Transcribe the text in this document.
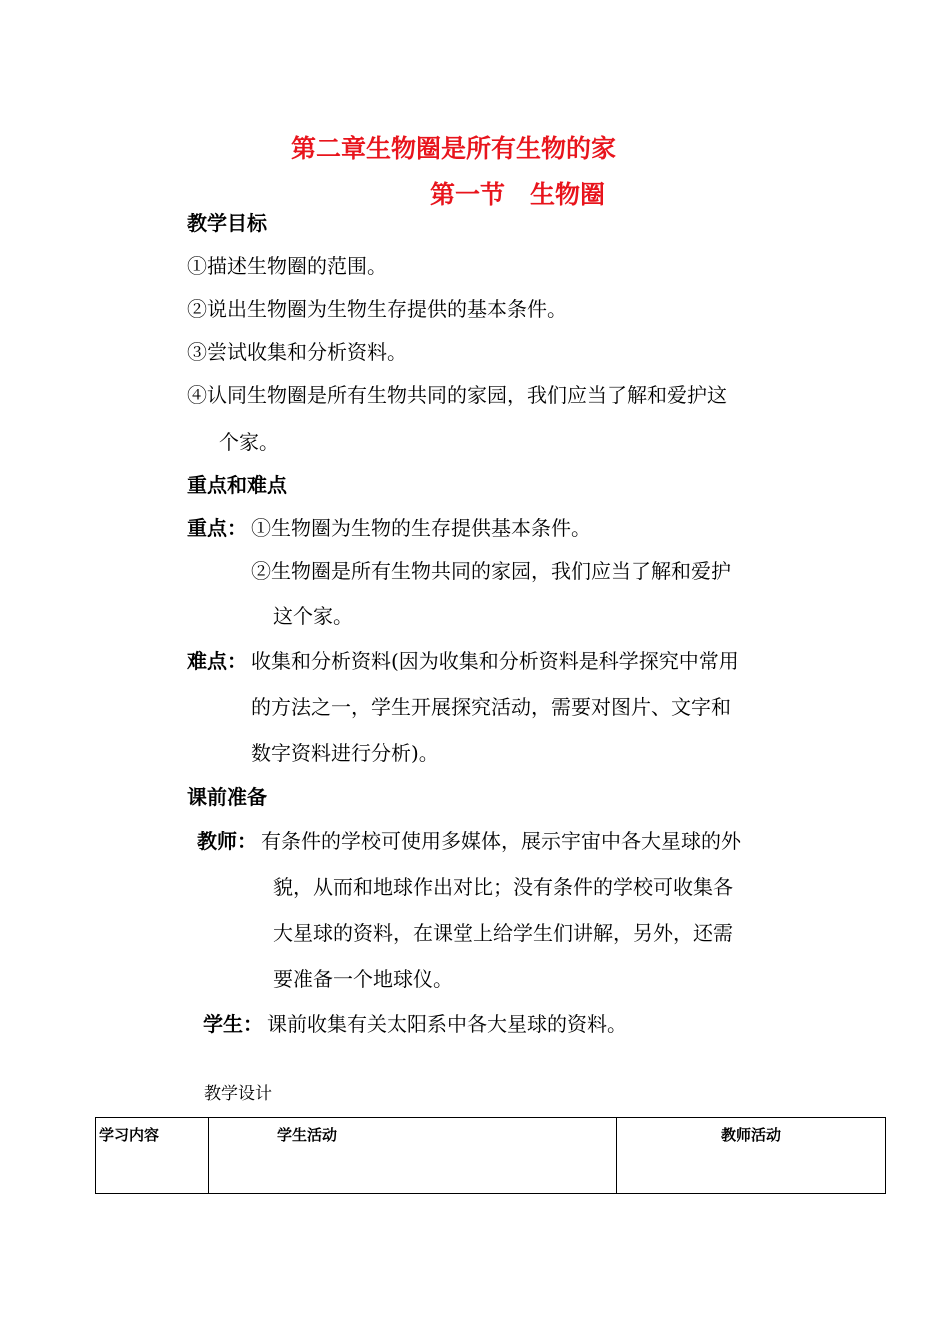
第二章生物圈是所有生物的家
第一节　生物圈
教学目标
①描述生物圈的范围。
②说出生物圈为生物生存提供的基本条件。
③尝试收集和分析资料。
④认同生物圈是所有生物共同的家园，我们应当了解和爱护这
个家。
重点和难点
重点： ①生物圈为生物的生存提供基本条件。
②生物圈是所有生物共同的家园，我们应当了解和爱护
这个家。
难点： 收集和分析资料(因为收集和分析资料是科学探究中常用
的方法之一，学生开展探究活动，需要对图片、文字和
数字资料进行分析)。
课前准备
教师： 有条件的学校可使用多媒体，展示宇宙中各大星球的外
貌，从而和地球作出对比；没有条件的学校可收集各
大星球的资料，在课堂上给学生们讲解，另外，还需
要准备一个地球仪。
学生： 课前收集有关太阳系中各大星球的资料。
教学设计
学习内容	学生活动	教师活动
